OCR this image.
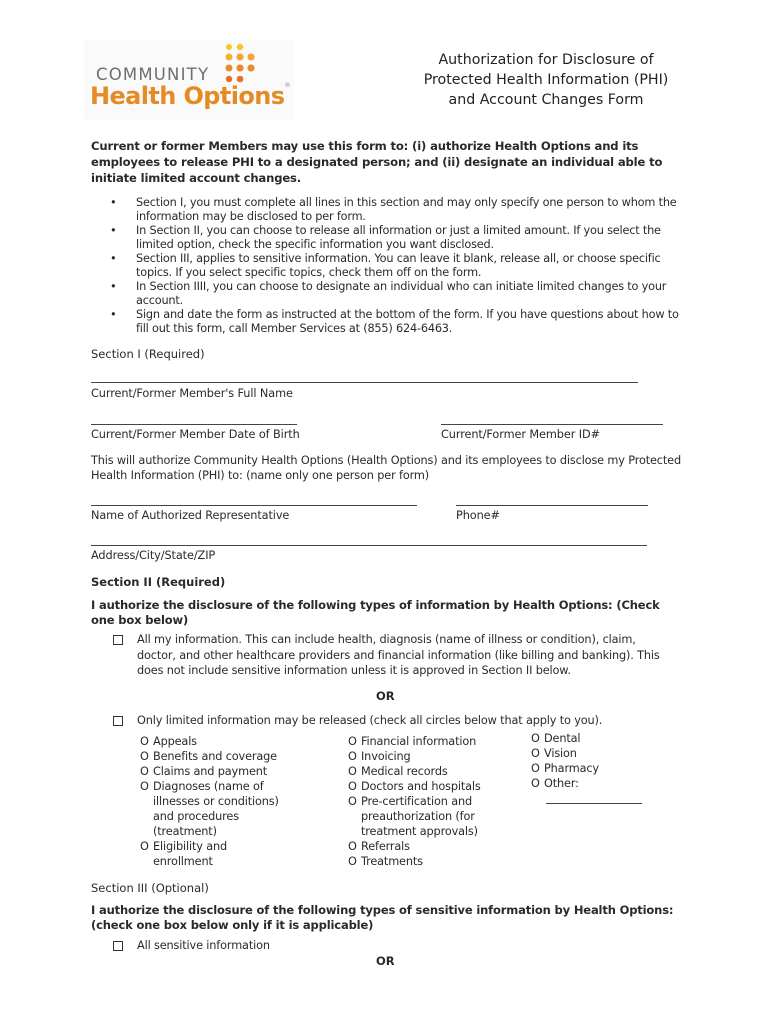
COMMUNITY
Health Options®
Authorization for Disclosure of
Protected Health Information (PHI)
and Account Changes Form
Current or former Members may use this form to: (i) authorize Health Options and its employees to release PHI to a designated person; and (ii) designate an individual able to initiate limited account changes.
• Section I, you must complete all lines in this section and may only specify one person to whom the information may be disclosed to per form.
• In Section II, you can choose to release all information or just a limited amount. If you select the limited option, check the specific information you want disclosed.
• Section III, applies to sensitive information. You can leave it blank, release all, or choose specific topics. If you select specific topics, check them off on the form.
• In Section IIII, you can choose to designate an individual who can initiate limited changes to your account.
• Sign and date the form as instructed at the bottom of the form. If you have questions about how to fill out this form, call Member Services at (855) 624-6463.
Section I (Required)
Current/Former Member's Full Name
Current/Former Member Date of Birth	Current/Former Member ID#
This will authorize Community Health Options (Health Options) and its employees to disclose my Protected Health Information (PHI) to: (name only one person per form)
Name of Authorized Representative	Phone#
Address/City/State/ZIP
Section II (Required)
I authorize the disclosure of the following types of information by Health Options: (Check one box below)
All my information. This can include health, diagnosis (name of illness or condition), claim, doctor, and other healthcare providers and financial information (like billing and banking). This does not include sensitive information unless it is approved in Section II below.
OR
Only limited information may be released (check all circles below that apply to you).
O Appeals
O Benefits and coverage
O Claims and payment
O Diagnoses (name of
illnesses or conditions)
and procedures
(treatment)
O Eligibility and
enrollment
O Financial information
O Invoicing
O Medical records
O Doctors and hospitals
O Pre-certification and
preauthorization (for
treatment approvals)
O Referrals
O Treatments
O Dental
O Vision
O Pharmacy
O Other:
Section III (Optional)
I authorize the disclosure of the following types of sensitive information by Health Options: (check one box below only if it is applicable)
All sensitive information
OR
